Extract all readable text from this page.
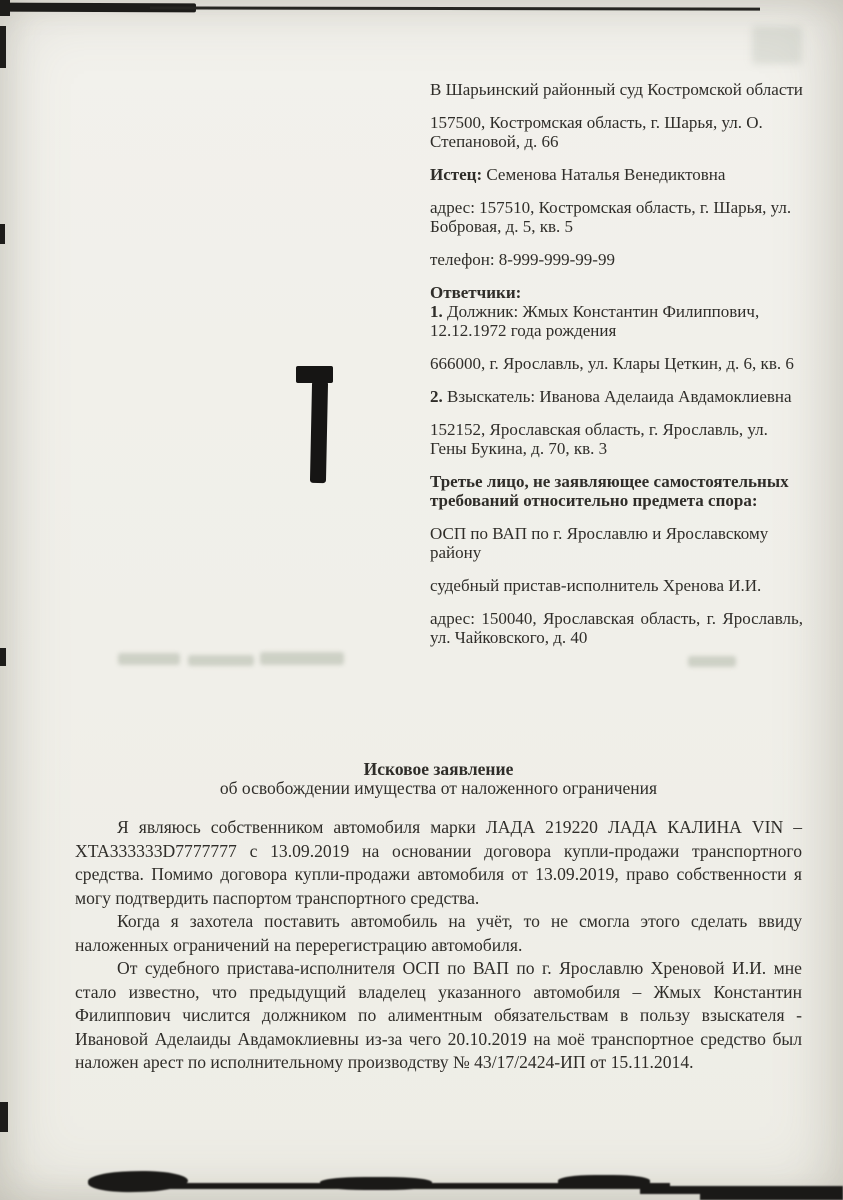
В Шарьинский районный суд Костромской области

157500, Костромская область, г. Шарья, ул. О. Степановой, д. 66

Истец: Семенова Наталья Венедиктовна

адрес: 157510, Костромская область, г. Шарья, ул. Бобровая, д. 5, кв. 5

телефон: 8-999-999-99-99

Ответчики:

1. Должник: Жмых Константин Филиппович, 12.12.1972 года рождения

666000, г. Ярославль, ул. Клары Цеткин, д. 6, кв. 6

2. Взыскатель: Иванова Аделаида Авдамоклиевна

152152, Ярославская область, г. Ярославль, ул. Гены Букина, д. 70, кв. 3

Третье лицо, не заявляющее самостоятельных требований относительно предмета спора:

ОСП по ВАП по г. Ярославлю и Ярославскому району

судебный пристав-исполнитель Хренова И.И.

адрес: 150040, Ярославская область, г. Ярославль, ул. Чайковского, д. 40

Исковое заявление
об освобождении имущества от наложенного ограничения

Я являюсь собственником автомобиля марки ЛАДА 219220 ЛАДА КАЛИНА VIN – XTA333333D7777777 с 13.09.2019 на основании договора купли-продажи транспортного средства. Помимо договора купли-продажи автомобиля от 13.09.2019, право собственности я могу подтвердить паспортом транспортного средства.

Когда я захотела поставить автомобиль на учёт, то не смогла этого сделать ввиду наложенных ограничений на перерегистрацию автомобиля.

От судебного пристава-исполнителя ОСП по ВАП по г. Ярославлю Хреновой И.И. мне стало известно, что предыдущий владелец указанного автомобиля – Жмых Константин Филиппович числится должником по алиментным обязательствам в пользу взыскателя - Ивановой Аделаиды Авдамоклиевны из-за чего 20.10.2019 на моё транспортное средство был наложен арест по исполнительному производству № 43/17/2424-ИП от 15.11.2014.
